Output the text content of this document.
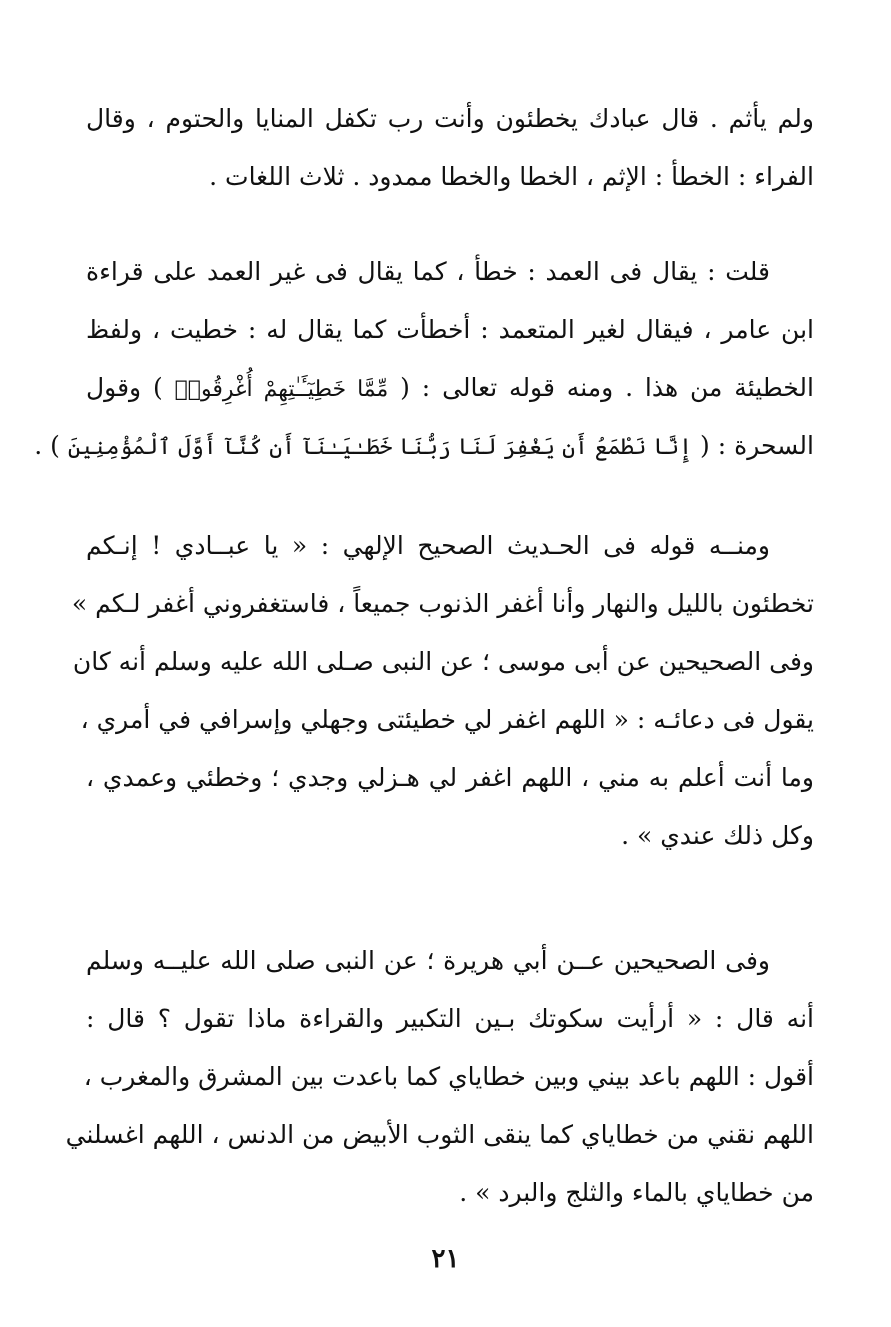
ولم يأثم . قال عبادك يخطئون وأنت رب تكفل المنايا والحتوم ، وقال
الفراء : الخطأ : الإثم ، الخطا والخطا ممدود . ثلاث اللغات .
قلت : يقال فى العمد : خطأ ، كما يقال فى غير العمد على قراءة
ابن عامر ، فيقال لغير المتعمد : أخطأت كما يقال له : خطيت ، ولفظ
الخطيئة من هذا . ومنه قوله تعالى : ( مِّمَّا خَطِيٓـَٔـٰتِهِمْ أُغْرِقُوا۟ ) وقول
السحرة : ( إِنَّا نَطْمَعُ أَن يَغْفِرَ لَنَا رَبُّنَا خَطَـٰيَـٰنَآ أَن كُنَّآ أَوَّلَ ٱلْمُؤْمِنِينَ ) .
ومنــه قوله فى الحـديث الصحيح الإلهي : « يا عبــادي ! إنـكم
تخطئون بالليل والنهار وأنا أغفر الذنوب جميعاً ، فاستغفروني أغفر لـكم »
وفى الصحيحين عن أبى موسى ؛ عن النبى صـلى الله عليه وسلم أنه كان
يقول فى دعائـه : « اللهم اغفر لي خطيئتى وجهلي وإسرافي في أمري ،
وما أنت أعلم به مني ، اللهم اغفر لي هـزلي وجدي ؛ وخطئي وعمدي ،
وكل ذلك عندي » .
وفى الصحيحين عــن أبي هريرة ؛ عن النبى صلى الله عليــه وسلم
أنه قال : « أرأيت سكوتك بـين التكبير والقراءة ماذا تقول ؟ قال :
أقول : اللهم باعد بيني وبين خطاياي كما باعدت بين المشرق والمغرب ،
اللهم نقني من خطاياي كما ينقى الثوب الأبيض من الدنس ، اللهم اغسلني
من خطاياي بالماء والثلج والبرد » .
٢١
